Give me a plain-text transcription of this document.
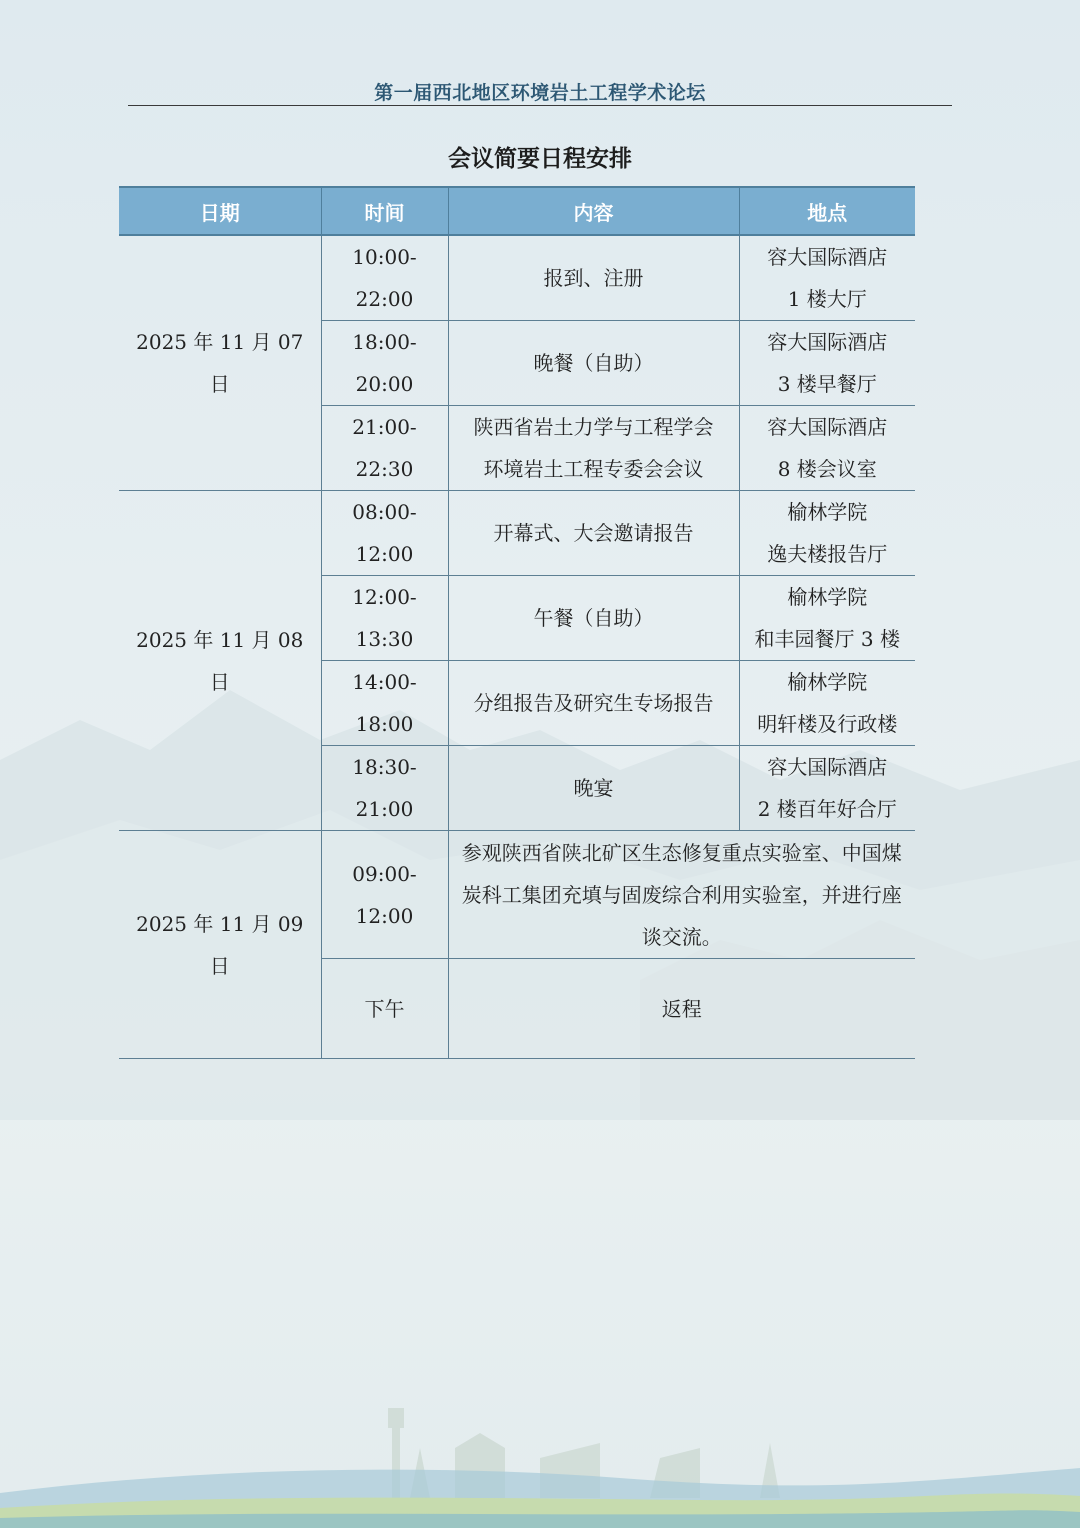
第一届西北地区环境岩土工程学术论坛
会议简要日程安排
日期	时间	内容	地点
2025 年 11 月 07 日	10:00-22:00	报到、注册	容大国际酒店
1 楼大厅

	18:00-20:00	晚餐（自助）	容大国际酒店
3 楼早餐厅

	21:00-22:30	陕西省岩土力学与工程学会
环境岩土工程专委会会议	容大国际酒店
8 楼会议室

2025 年 11 月 08 日	08:00-12:00	开幕式、大会邀请报告	榆林学院
逸夫楼报告厅

	12:00-13:30	午餐（自助）	榆林学院
和丰园餐厅 3 楼

	14:00-18:00	分组报告及研究生专场报告	榆林学院
明轩楼及行政楼

	18:30-21:00	晚宴	容大国际酒店
2 楼百年好合厅

2025 年 11 月 09 日	09:00-12:00	参观陕西省陕北矿区生态修复重点实验室、中国煤炭科工集团充填与固废综合利用实验室，并进行座谈交流。	
	下午	返程	
